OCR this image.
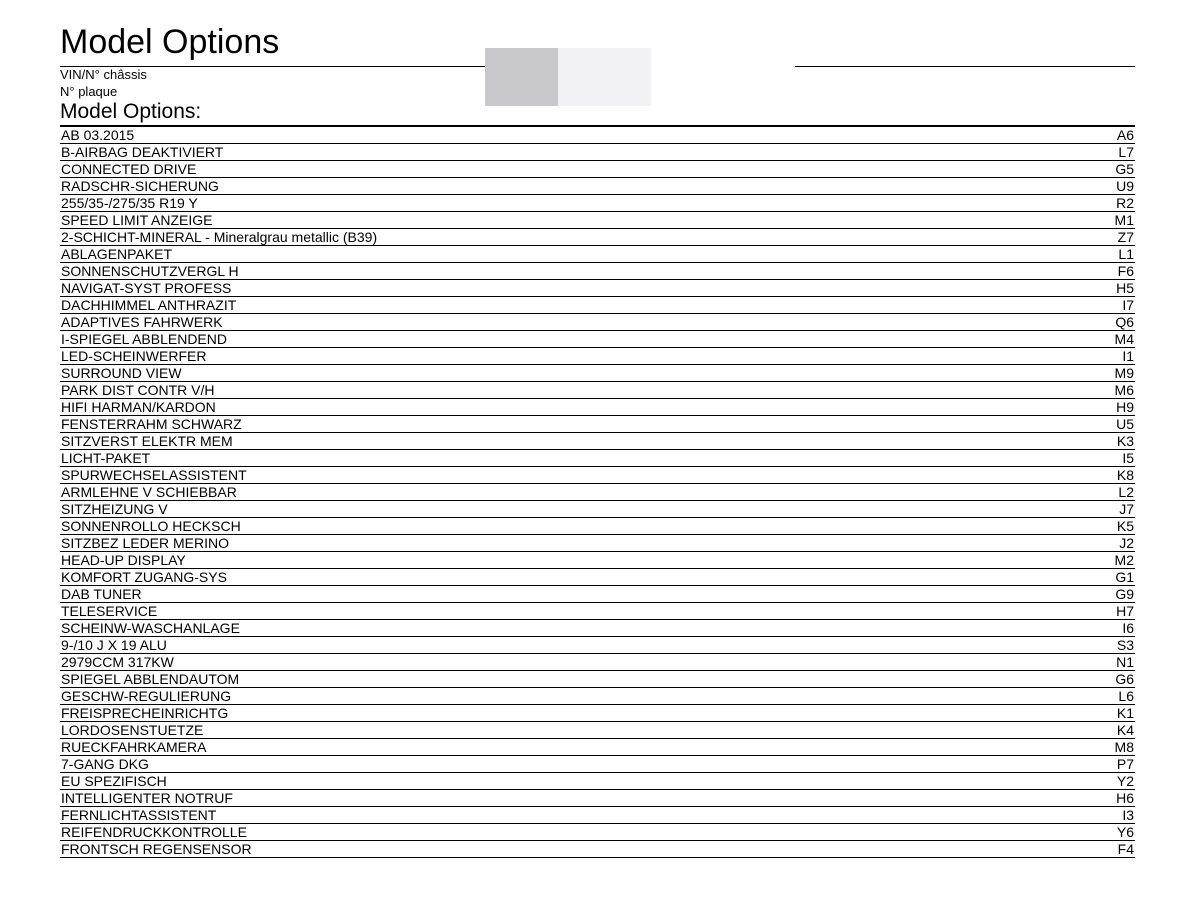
Model Options
VIN/N° châssis
N° plaque
Model Options:
AB 03.2015	A6
B-AIRBAG DEAKTIVIERT	L7
CONNECTED DRIVE	G5
RADSCHR-SICHERUNG	U9
255/35-/275/35 R19 Y	R2
SPEED LIMIT ANZEIGE	M1
2-SCHICHT-MINERAL - Mineralgrau metallic (B39)	Z7
ABLAGENPAKET	L1
SONNENSCHUTZVERGL H	F6
NAVIGAT-SYST PROFESS	H5
DACHHIMMEL ANTHRAZIT	I7
ADAPTIVES FAHRWERK	Q6
I-SPIEGEL ABBLENDEND	M4
LED-SCHEINWERFER	I1
SURROUND VIEW	M9
PARK DIST CONTR V/H	M6
HIFI HARMAN/KARDON	H9
FENSTERRAHM SCHWARZ	U5
SITZVERST ELEKTR MEM	K3
LICHT-PAKET	I5
SPURWECHSELASSISTENT	K8
ARMLEHNE V SCHIEBBAR	L2
SITZHEIZUNG V	J7
SONNENROLLO HECKSCH	K5
SITZBEZ LEDER MERINO	J2
HEAD-UP DISPLAY	M2
KOMFORT ZUGANG-SYS	G1
DAB TUNER	G9
TELESERVICE	H7
SCHEINW-WASCHANLAGE	I6
9-/10 J X 19 ALU	S3
2979CCM 317KW	N1
SPIEGEL ABBLENDAUTOM	G6
GESCHW-REGULIERUNG	L6
FREISPRECHEINRICHTG	K1
LORDOSENSTUETZE	K4
RUECKFAHRKAMERA	M8
7-GANG DKG	P7
EU SPEZIFISCH	Y2
INTELLIGENTER NOTRUF	H6
FERNLICHTASSISTENT	I3
REIFENDRUCKKONTROLLE	Y6
FRONTSCH REGENSENSOR	F4
